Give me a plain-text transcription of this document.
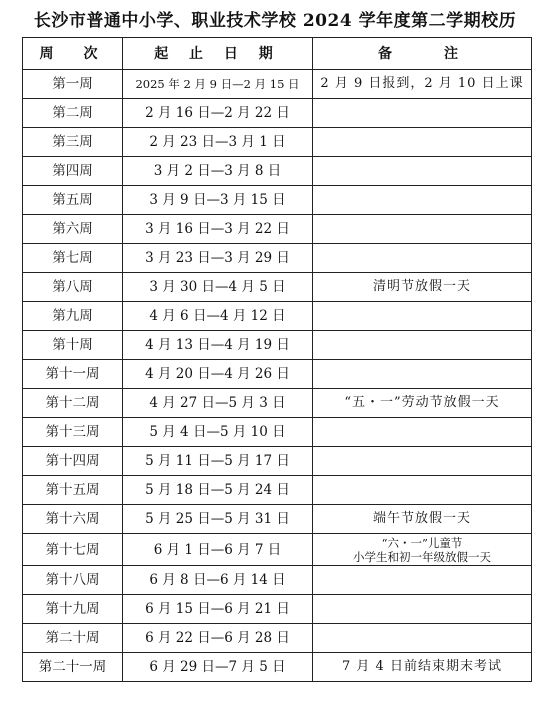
长沙市普通中小学、职业技术学校 2024 学年度第二学期校历
周　次	起 止 日 期	备　　注
第一周	2025 年 2 月 9 日—2 月 15 日	2 月 9 日报到，2 月 10 日上课
第二周	2 月 16 日—2 月 22 日	
第三周	2 月 23 日—3 月 1 日	
第四周	3 月 2 日—3 月 8 日	
第五周	3 月 9 日—3 月 15 日	
第六周	3 月 16 日—3 月 22 日	
第七周	3 月 23 日—3 月 29 日	
第八周	3 月 30 日—4 月 5 日	清明节放假一天
第九周	4 月 6 日—4 月 12 日	
第十周	4 月 13 日—4 月 19 日	
第十一周	4 月 20 日—4 月 26 日	
第十二周	4 月 27 日—5 月 3 日	“五・一”劳动节放假一天
第十三周	5 月 4 日—5 月 10 日	
第十四周	5 月 11 日—5 月 17 日	
第十五周	5 月 18 日—5 月 24 日	
第十六周	5 月 25 日—5 月 31 日	端午节放假一天
第十七周	6 月 1 日—6 月 7 日	“六・一”儿童节
小学生和初一年级放假一天

第十八周	6 月 8 日—6 月 14 日	
第十九周	6 月 15 日—6 月 21 日	
第二十周	6 月 22 日—6 月 28 日	
第二十一周	6 月 29 日—7 月 5 日	7 月 4 日前结束期末考试
